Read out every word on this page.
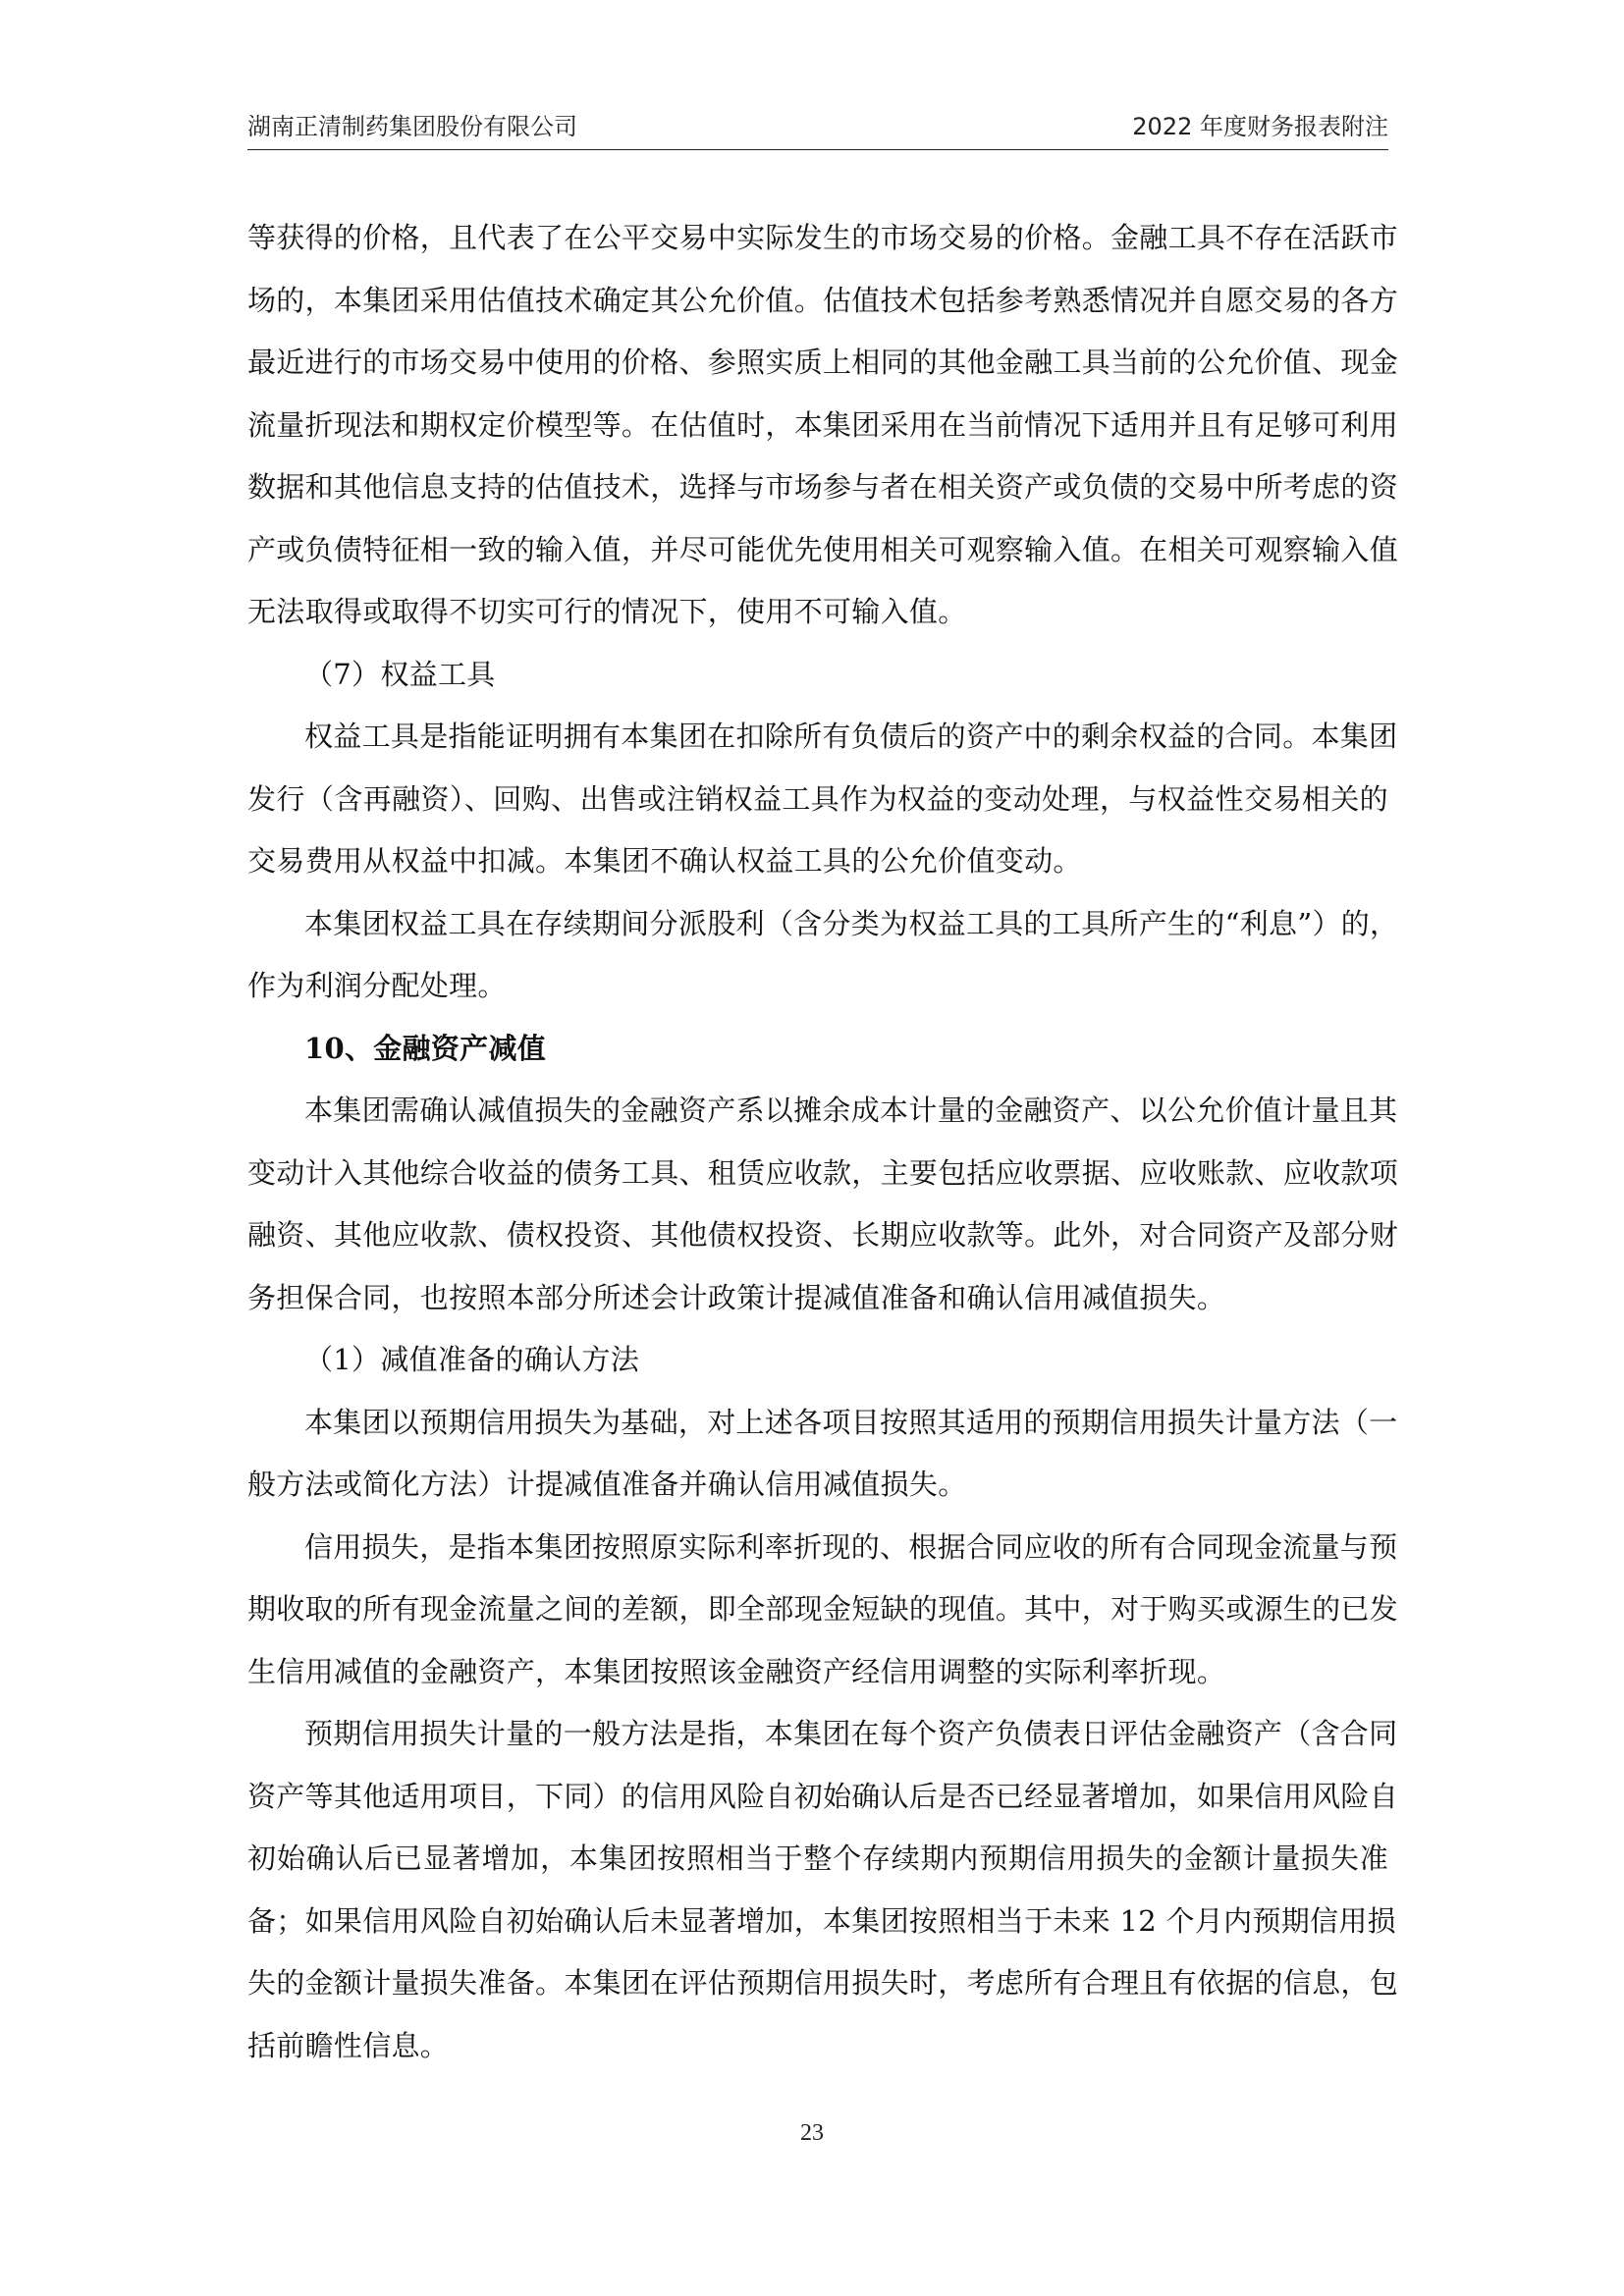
湖南正清制药集团股份有限公司	2022 年度财务报表附注
等获得的价格，且代表了在公平交易中实际发生的市场交易的价格。金融工具不存在活跃市
场的，本集团采用估值技术确定其公允价值。估值技术包括参考熟悉情况并自愿交易的各方
最近进行的市场交易中使用的价格、参照实质上相同的其他金融工具当前的公允价值、现金
流量折现法和期权定价模型等。在估值时，本集团采用在当前情况下适用并且有足够可利用
数据和其他信息支持的估值技术，选择与市场参与者在相关资产或负债的交易中所考虑的资
产或负债特征相一致的输入值，并尽可能优先使用相关可观察输入值。在相关可观察输入值
无法取得或取得不切实可行的情况下，使用不可输入值。
（7）权益工具
权益工具是指能证明拥有本集团在扣除所有负债后的资产中的剩余权益的合同。本集团
发行（含再融资）、回购、出售或注销权益工具作为权益的变动处理，与权益性交易相关的
交易费用从权益中扣减。本集团不确认权益工具的公允价值变动。
本集团权益工具在存续期间分派股利（含分类为权益工具的工具所产生的“利息”）的，
作为利润分配处理。
10、金融资产减值
本集团需确认减值损失的金融资产系以摊余成本计量的金融资产、以公允价值计量且其
变动计入其他综合收益的债务工具、租赁应收款，主要包括应收票据、应收账款、应收款项
融资、其他应收款、债权投资、其他债权投资、长期应收款等。此外，对合同资产及部分财
务担保合同，也按照本部分所述会计政策计提减值准备和确认信用减值损失。
（1）减值准备的确认方法
本集团以预期信用损失为基础，对上述各项目按照其适用的预期信用损失计量方法（一
般方法或简化方法）计提减值准备并确认信用减值损失。
信用损失，是指本集团按照原实际利率折现的、根据合同应收的所有合同现金流量与预
期收取的所有现金流量之间的差额，即全部现金短缺的现值。其中，对于购买或源生的已发
生信用减值的金融资产，本集团按照该金融资产经信用调整的实际利率折现。
预期信用损失计量的一般方法是指，本集团在每个资产负债表日评估金融资产（含合同
资产等其他适用项目，下同）的信用风险自初始确认后是否已经显著增加，如果信用风险自
初始确认后已显著增加，本集团按照相当于整个存续期内预期信用损失的金额计量损失准
备；如果信用风险自初始确认后未显著增加，本集团按照相当于未来 12 个月内预期信用损
失的金额计量损失准备。本集团在评估预期信用损失时，考虑所有合理且有依据的信息，包
括前瞻性信息。
23
